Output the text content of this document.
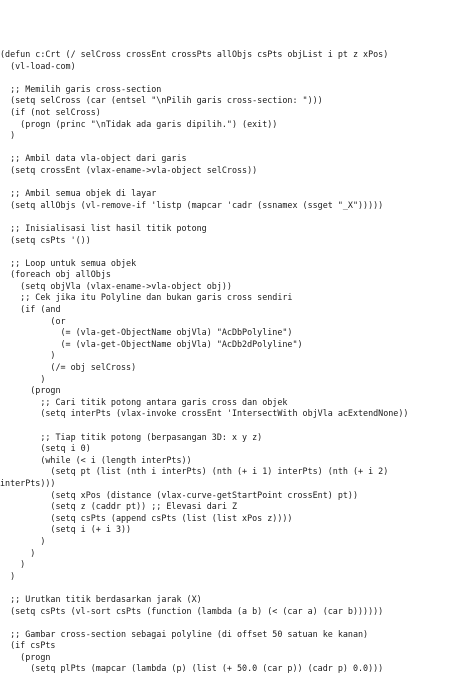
(defun c:Crt (/ selCross crossEnt crossPts allObjs csPts objList i pt z xPos)
(vl-load-com)
;; Memilih garis cross-section
(setq selCross (car (entsel "\nPilih garis cross-section: ")))
(if (not selCross)
(progn (princ "\nTidak ada garis dipilih.") (exit))
)
;; Ambil data vla-object dari garis
(setq crossEnt (vlax-ename->vla-object selCross))
;; Ambil semua objek di layar
(setq allObjs (vl-remove-if 'listp (mapcar 'cadr (ssnamex (ssget "_X")))))
;; Inisialisasi list hasil titik potong
(setq csPts '())
;; Loop untuk semua objek
(foreach obj allObjs
(setq objVla (vlax-ename->vla-object obj))
;; Cek jika itu Polyline dan bukan garis cross sendiri
(if (and
(or
(= (vla-get-ObjectName objVla) "AcDbPolyline")
(= (vla-get-ObjectName objVla) "AcDb2dPolyline")
)
(/= obj selCross)
)
(progn
;; Cari titik potong antara garis cross dan objek
(setq interPts (vlax-invoke crossEnt 'IntersectWith objVla acExtendNone))
;; Tiap titik potong (berpasangan 3D: x y z)
(setq i 0)
(while (< i (length interPts))
(setq pt (list (nth i interPts) (nth (+ i 1) interPts) (nth (+ i 2)
interPts)))
(setq xPos (distance (vlax-curve-getStartPoint crossEnt) pt))
(setq z (caddr pt)) ;; Elevasi dari Z
(setq csPts (append csPts (list (list xPos z))))
(setq i (+ i 3))
)
)
)
)
;; Urutkan titik berdasarkan jarak (X)
(setq csPts (vl-sort csPts (function (lambda (a b) (< (car a) (car b))))))
;; Gambar cross-section sebagai polyline (di offset 50 satuan ke kanan)
(if csPts
(progn
(setq plPts (mapcar (lambda (p) (list (+ 50.0 (car p)) (cadr p) 0.0)))
